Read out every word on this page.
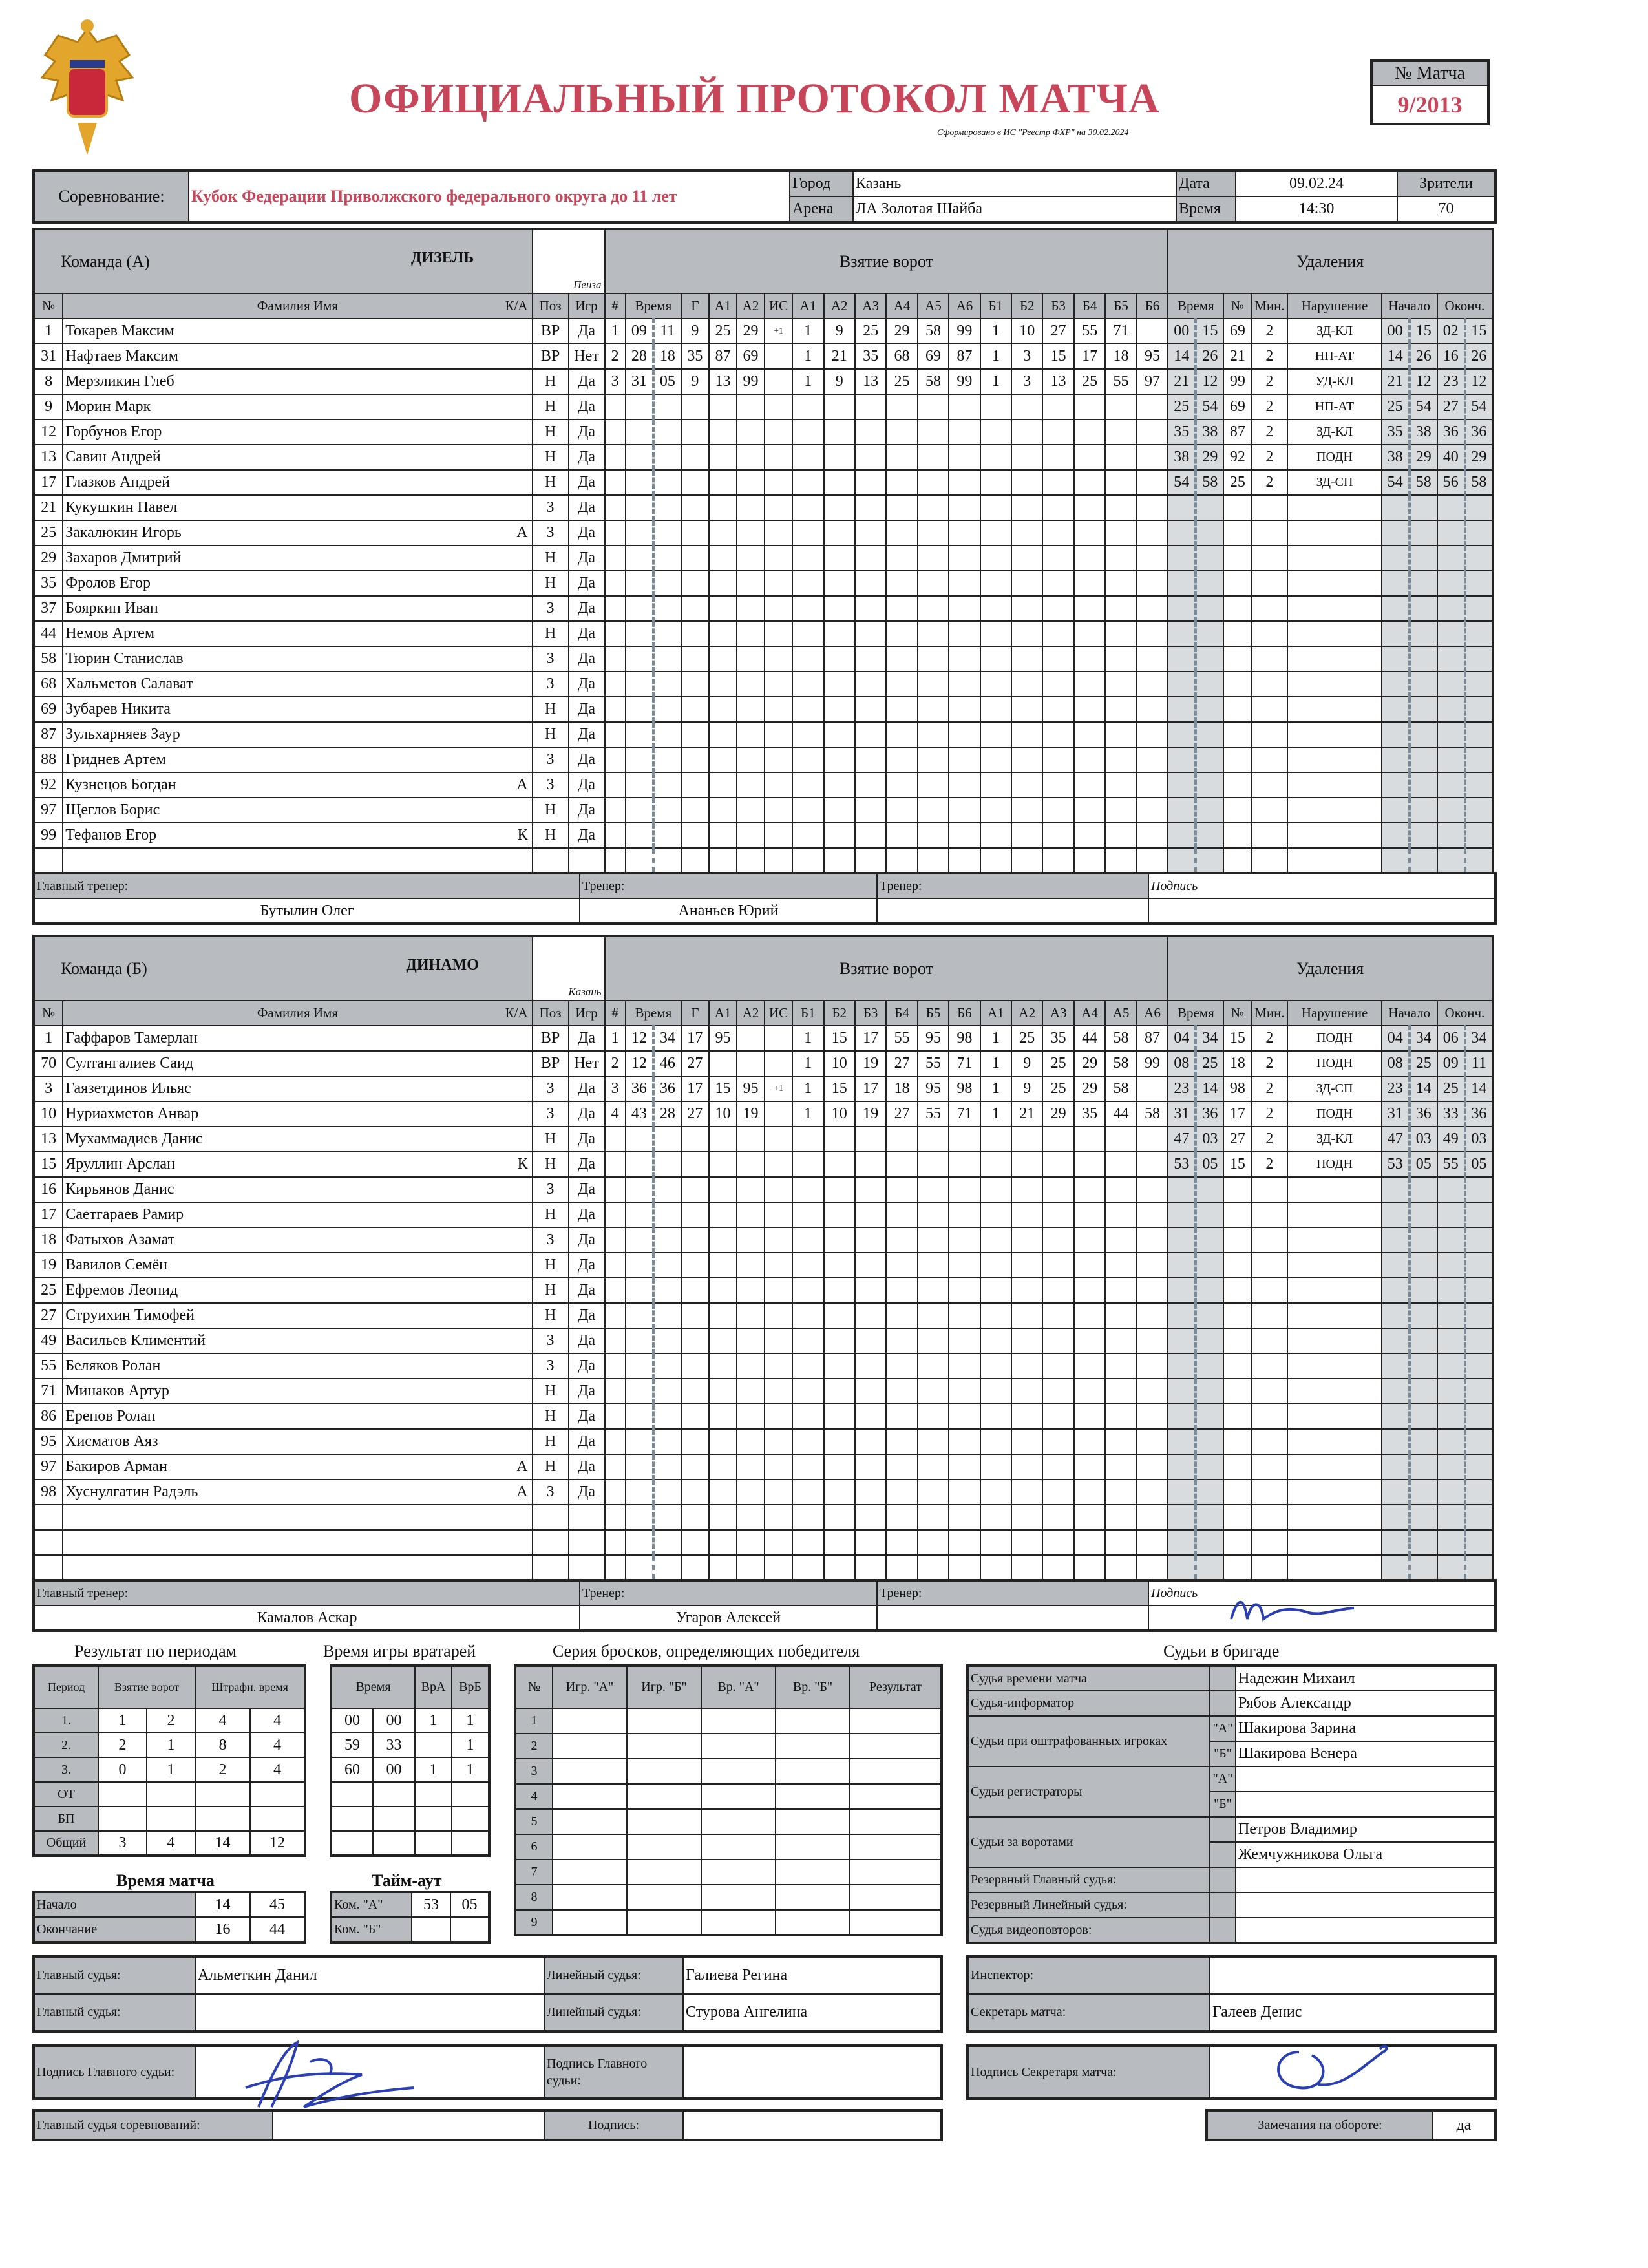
ОФИЦИАЛЬНЫЙ ПРОТОКОЛ МАТЧА
Сформировано в ИС "Реестр ФХР" на 30.02.2024
№ Матча
9/2013
Соревнование:	Кубок Федерации Приволжского федерального округа до 11 лет	Город	Казань	Дата	09.02.24	Зрители
		Арена	ЛА Золотая Шайба	Время	14:30	70
Команда (А)		ДИЗЕЛЬ
Пенза		Взятие ворот																			Удаления								
№	Фамилия Имя К/А	Поз	Игр	#	Время		Г	А1	А2	ИС	А1	А2	А3	А4	А5	А6	Б1	Б2	Б3	Б4	Б5	Б6	Время		№	Мин.	Нарушение	Начало		Оконч.	
1	Токарев Максим	ВР	Да	1	09	11	9	25	29	+1	1	9	25	29	58	99	1	10	27	55	71		00	15	69	2	ЗД-КЛ	00	15	02	15
31	Нафтаев Максим	ВР	Нет	2	28	18	35	87	69		1	21	35	68	69	87	1	3	15	17	18	95	14	26	21	2	НП-АТ	14	26	16	26
8	Мерзликин Глеб	Н	Да	3	31	05	9	13	99		1	9	13	25	58	99	1	3	13	25	55	97	21	12	99	2	УД-КЛ	21	12	23	12
9	Морин Марк	Н	Да																				25	54	69	2	НП-АТ	25	54	27	54
12	Горбунов Егор	Н	Да																				35	38	87	2	ЗД-КЛ	35	38	36	36
13	Савин Андрей	Н	Да																				38	29	92	2	ПОДН	38	29	40	29
17	Глазков Андрей	Н	Да																				54	58	25	2	ЗД-СП	54	58	56	58
21	Кукушкин Павел	З	Да																												
25	Закалюкин Игорь А	З	Да																												
29	Захаров Дмитрий	Н	Да																												
35	Фролов Егор	Н	Да																												
37	Бояркин Иван	З	Да																												
44	Немов Артем	Н	Да																												
58	Тюрин Станислав	З	Да																												
68	Хальметов Салават	З	Да																												
69	Зубарев Никита	Н	Да																												
87	Зульхарняев Заур	Н	Да																												
88	Гриднев Артем	З	Да																												
92	Кузнецов Богдан А	З	Да																												
97	Щеглов Борис	Н	Да																												
99	Тефанов Егор К	Н	Да																												

Главный тренер:	Тренер:	Тренер:	Подпись
Бутылин Олег	Ананьев Юрий		
Команда (Б)		ДИНАМО
Казань		Взятие ворот																			Удаления								
№	Фамилия Имя К/А	Поз	Игр	#	Время		Г	А1	А2	ИС	Б1	Б2	Б3	Б4	Б5	Б6	А1	А2	А3	А4	А5	А6	Время		№	Мин.	Нарушение	Начало		Оконч.	
1	Гаффаров Тамерлан	ВР	Да	1	12	34	17	95			1	15	17	55	95	98	1	25	35	44	58	87	04	34	15	2	ПОДН	04	34	06	34
70	Султангалиев Саид	ВР	Нет	2	12	46	27				1	10	19	27	55	71	1	9	25	29	58	99	08	25	18	2	ПОДН	08	25	09	11
3	Гаязетдинов Ильяс	З	Да	3	36	36	17	15	95	+1	1	15	17	18	95	98	1	9	25	29	58		23	14	98	2	ЗД-СП	23	14	25	14
10	Нуриахметов Анвар	З	Да	4	43	28	27	10	19		1	10	19	27	55	71	1	21	29	35	44	58	31	36	17	2	ПОДН	31	36	33	36
13	Мухаммадиев Данис	Н	Да																				47	03	27	2	ЗД-КЛ	47	03	49	03
15	Яруллин Арслан К	Н	Да																				53	05	15	2	ПОДН	53	05	55	05
16	Кирьянов Данис	З	Да																												
17	Саетгараев Рамир	Н	Да																												
18	Фатыхов Азамат	З	Да																												
19	Вавилов Семён	Н	Да																												
25	Ефремов Леонид	Н	Да																												
27	Струихин Тимофей	Н	Да																												
49	Васильев Климентий	З	Да																												
55	Беляков Ролан	З	Да																												
71	Минаков Артур	Н	Да																												
86	Ерепов Ролан	Н	Да																												
95	Хисматов Аяз	Н	Да																												
97	Бакиров Арман А	Н	Да																												
98	Хуснулгатин Радэль А	З	Да																												

Главный тренер:	Тренер:	Тренер:	Подпись
Камалов Аскар	Угаров Алексей		
Результат по периодам	Время игры вратарей	Серия бросков, определяющих победителя	Судьи в бригаде
Период	Взятие ворот		Штрафн. время	
1.	1	2	4	4
2.	2	1	8	4
3.	0	1	2	4
ОТ				
БП				
Общий	3	4	14	12
Время		ВрА	ВрБ
00	00	1	1
59	33		1
60	00	1	1

№	Игр. "А"	Игр. "Б"	Вр. "А"	Вр. "Б"	Результат
1					
2					
3					
4					
5					
6					
7					
8					
9					
Судья времени матча		Надежин Михаил
Судья-информатор		Рябов Александр
Судьи при оштрафованных игроках	"А"	Шакирова Зарина
	"Б"	Шакирова Венера
Судьи регистраторы	"А"	
	"Б"	
Судьи за воротами		Петров Владимир
		Жемчужникова Ольга
Резервный Главный судья:		
Резервный Линейный судья:		
Судья видеоповторов:		
Время матча
Начало	14	45
Окончание	16	44
Тайм-аут
Ком. "А"	53	05
Ком. "Б"		
Главный судья:	Альметкин Данил	Линейный судья:	Галиева Регина
Главный судья:		Линейный судья:	Стурова Ангелина
Инспектор:	
Секретарь матча:	Галеев Денис
Подпись Главного судьи:		Подпись Главного судьи:	
Подпись Секретаря матча:	
Главный судья соревнований:		Подпись:		Замечания на обороте:	да
